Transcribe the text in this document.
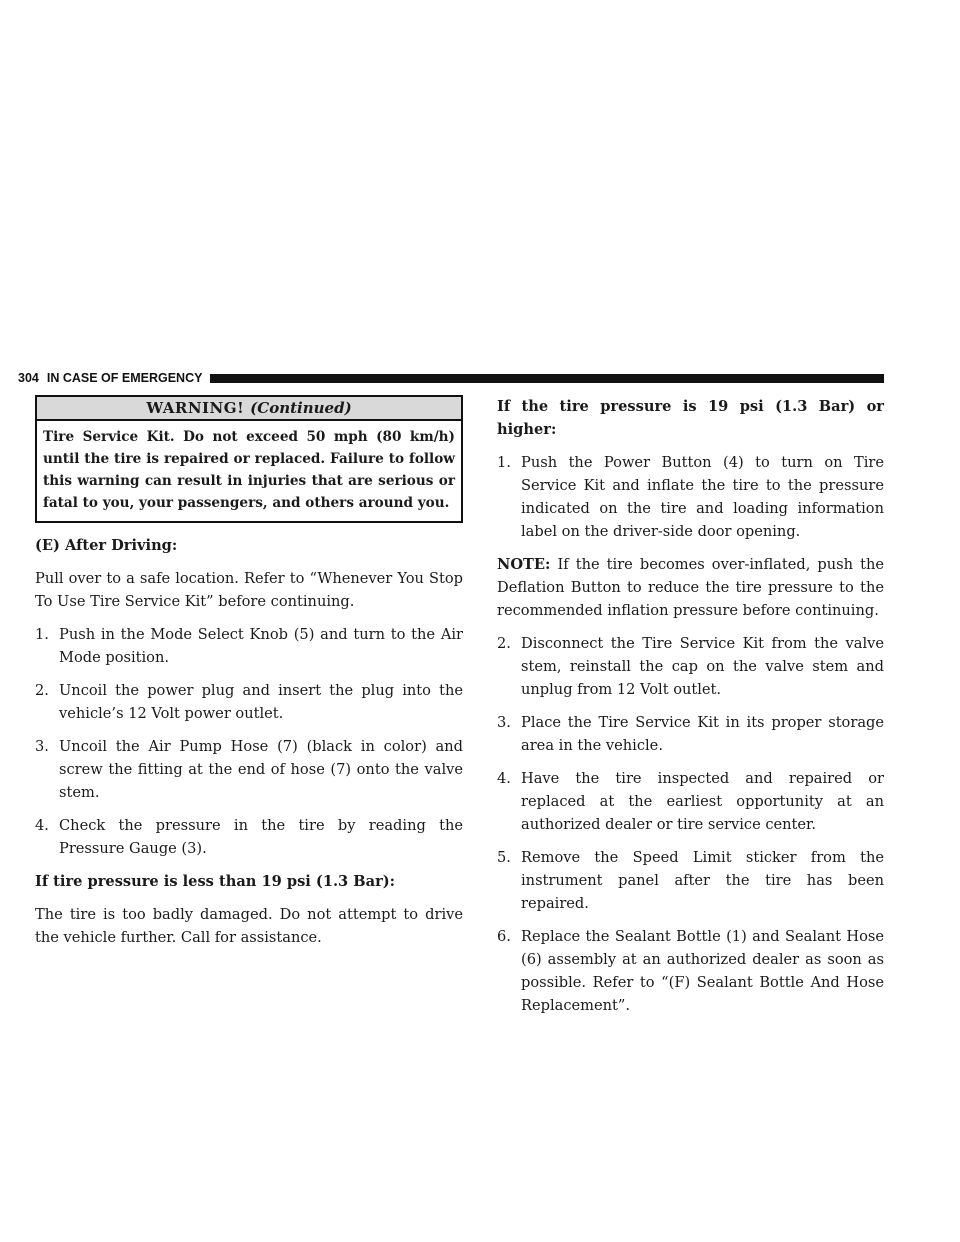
304 IN CASE OF EMERGENCY
WARNING! (Continued)
Tire Service Kit. Do not exceed 50 mph (80 km/h) until the tire is repaired or replaced. Failure to follow this warning can result in injuries that are serious or fatal to you, your passengers, and others around you.

(E) After Driving:

Pull over to a safe location. Refer to “Whenever You Stop To Use Tire Service Kit” before continuing.

1. Push in the Mode Select Knob (5) and turn to the Air Mode position.
2. Uncoil the power plug and insert the plug into the vehicle’s 12 Volt power outlet.
3. Uncoil the Air Pump Hose (7) (black in color) and screw the fitting at the end of hose (7) onto the valve stem.
4. Check the pressure in the tire by reading the Pressure Gauge (3).

If tire pressure is less than 19 psi (1.3 Bar):

The tire is too badly damaged. Do not attempt to drive the vehicle further. Call for assistance.

If the tire pressure is 19 psi (1.3 Bar) or higher:

1. Push the Power Button (4) to turn on Tire Service Kit and inflate the tire to the pressure indicated on the tire and loading information label on the driver-side door opening.

NOTE: If the tire becomes over-inflated, push the Deflation Button to reduce the tire pressure to the recommended inflation pressure before continuing.

2. Disconnect the Tire Service Kit from the valve stem, reinstall the cap on the valve stem and unplug from 12 Volt outlet.
3. Place the Tire Service Kit in its proper storage area in the vehicle.
4. Have the tire inspected and repaired or replaced at the earliest opportunity at an authorized dealer or tire service center.
5. Remove the Speed Limit sticker from the instrument panel after the tire has been repaired.
6. Replace the Sealant Bottle (1) and Sealant Hose (6) assembly at an authorized dealer as soon as possible. Refer to “(F) Sealant Bottle And Hose Replacement”.
